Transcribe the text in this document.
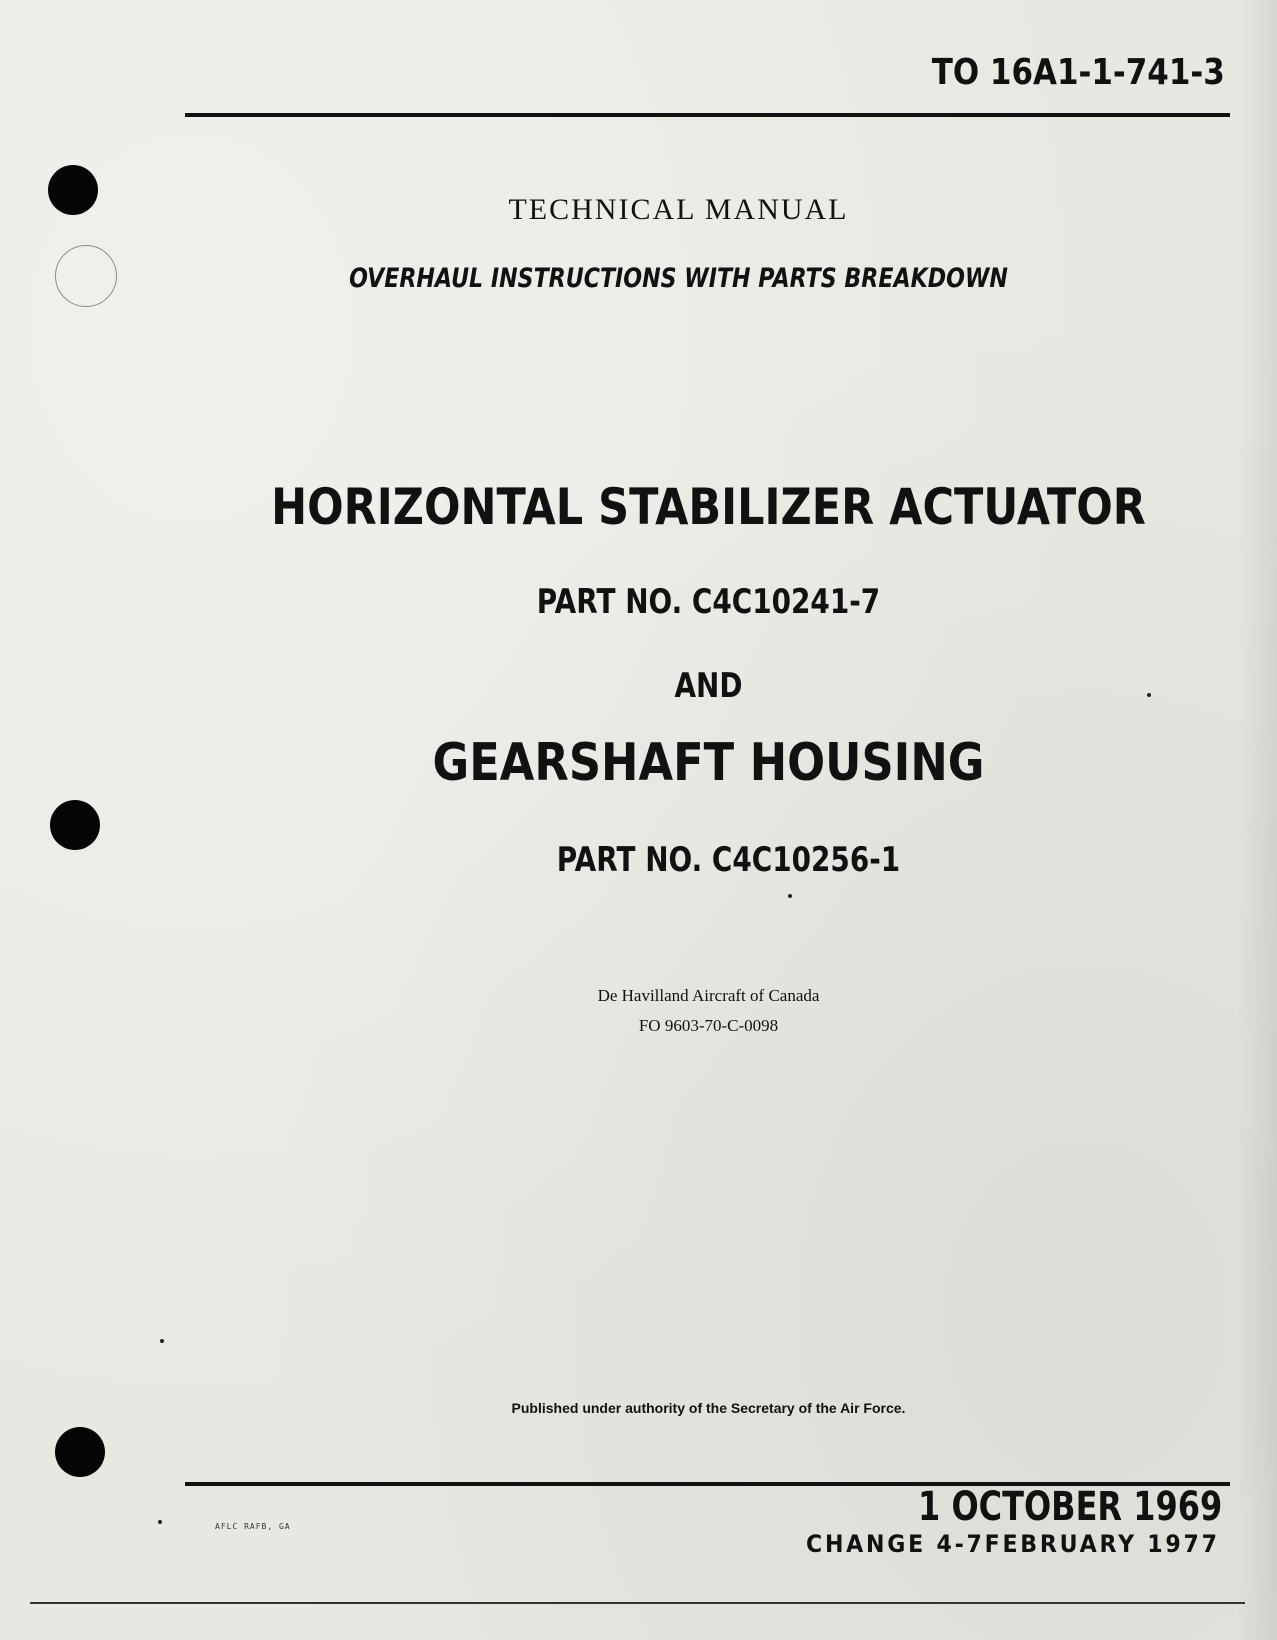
TO 16A1-1-741-3
TECHNICAL MANUAL
OVERHAUL INSTRUCTIONS WITH PARTS BREAKDOWN
HORIZONTAL STABILIZER ACTUATOR
PART NO. C4C10241-7
AND
GEARSHAFT HOUSING
PART NO. C4C10256-1
De Havilland Aircraft of Canada
FO 9603-70-C-0098
Published under authority of the Secretary of the Air Force.
AFLC RAFB, GA	1 OCTOBER 1969
CHANGE 4-7FEBRUARY 1977
